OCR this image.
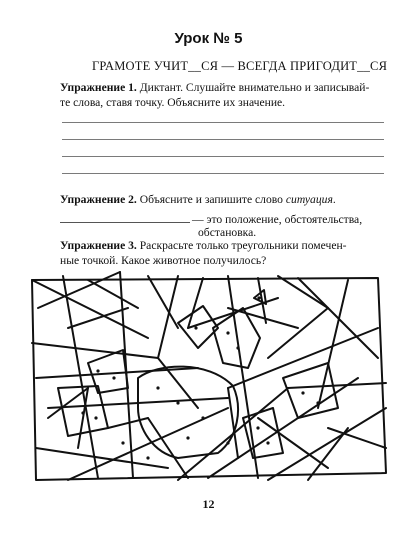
Урок № 5
ГРАМОТЕ УЧИТ__СЯ — ВСЕГДА ПРИГОДИТ__СЯ
Упражнение 1. Диктант. Слушайте внимательно и записывай-
те слова, ставя точку. Объясните их значение.
Упражнение 2. Объясните и запишите слово ситуация.
— это положение, обстоятельства,
обстановка.
Упражнение 3. Раскрасьте только треугольники помечен-
ные точкой. Какое животное получилось?
12
